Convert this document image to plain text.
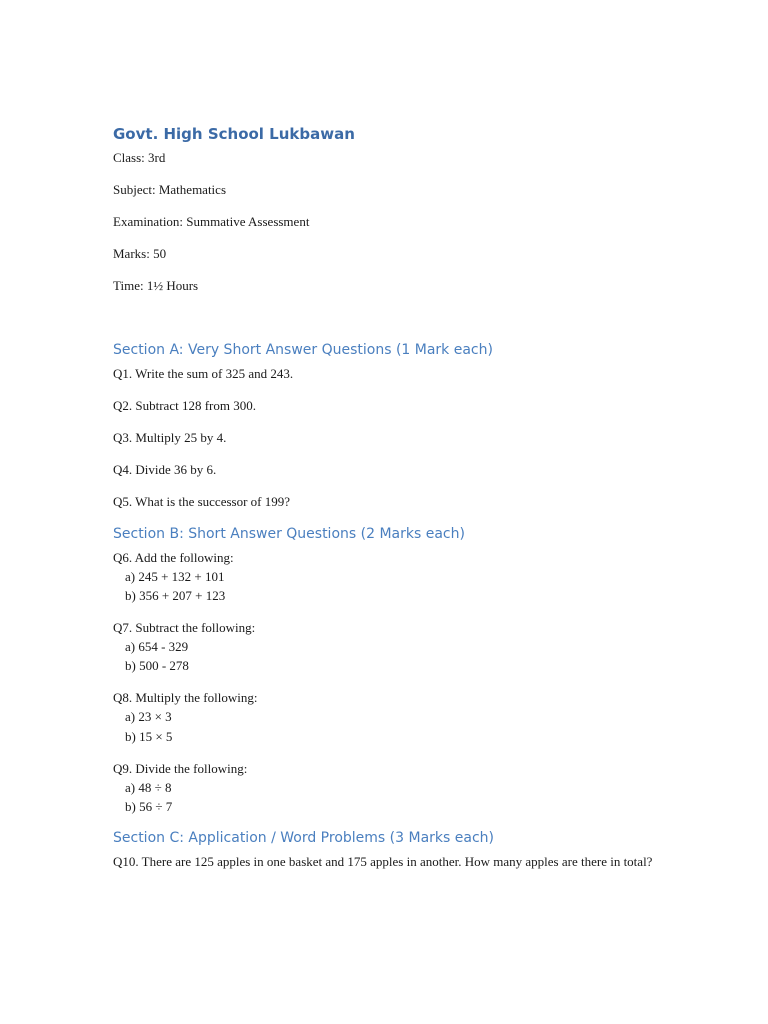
Govt. High School Lukbawan
Class: 3rd
Subject: Mathematics
Examination: Summative Assessment
Marks: 50
Time: 1½ Hours
Section A: Very Short Answer Questions (1 Mark each)
Q1. Write the sum of 325 and 243.
Q2. Subtract 128 from 300.
Q3. Multiply 25 by 4.
Q4. Divide 36 by 6.
Q5. What is the successor of 199?
Section B: Short Answer Questions (2 Marks each)
Q6. Add the following:
a) 245 + 132 + 101
b) 356 + 207 + 123
Q7. Subtract the following:
a) 654 - 329
b) 500 - 278
Q8. Multiply the following:
a) 23 × 3
b) 15 × 5
Q9. Divide the following:
a) 48 ÷ 8
b) 56 ÷ 7
Section C: Application / Word Problems (3 Marks each)
Q10. There are 125 apples in one basket and 175 apples in another. How many apples are there in total?
